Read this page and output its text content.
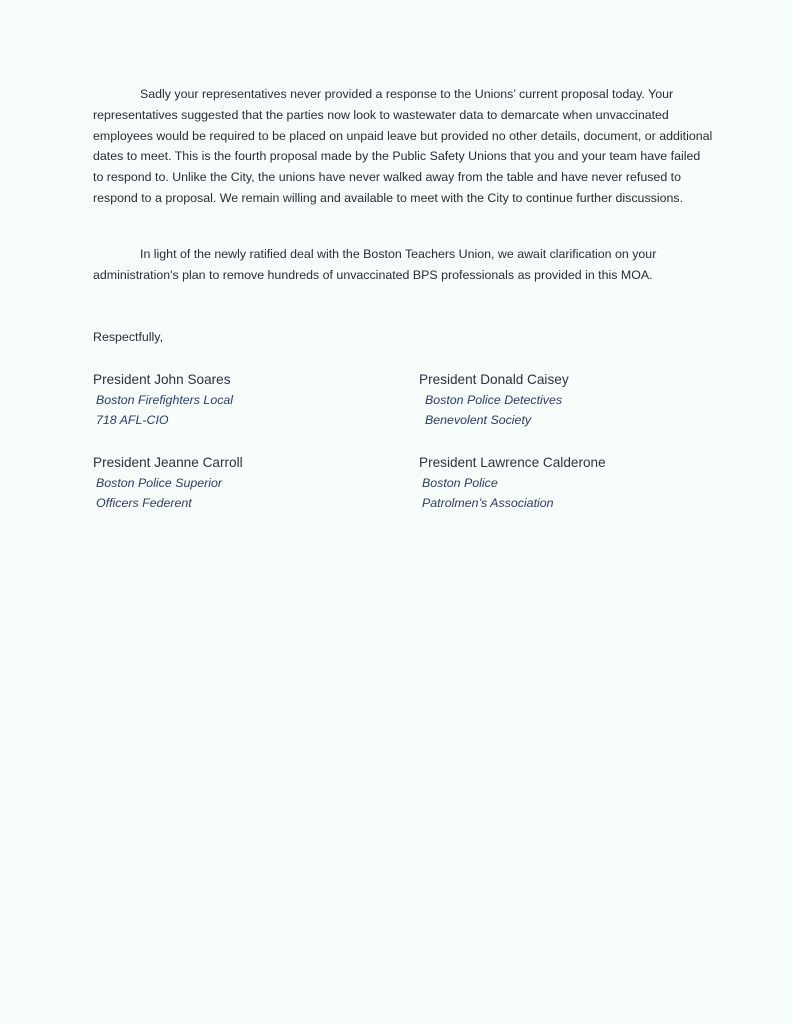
Sadly your representatives never provided a response to the Unions’ current proposal today. Your representatives suggested that the parties now look to wastewater data to demarcate when unvaccinated employees would be required to be placed on unpaid leave but provided no other details, document, or additional dates to meet. This is the fourth proposal made by the Public Safety Unions that you and your team have failed to respond to. Unlike the City, the unions have never walked away from the table and have never refused to respond to a proposal. We remain willing and available to meet with the City to continue further discussions.

In light of the newly ratified deal with the Boston Teachers Union, we await clarification on your administration's plan to remove hundreds of unvaccinated BPS professionals as provided in this MOA.

Respectfully,
President John Soares
Boston Firefighters Local
718 AFL-CIO
President Donald Caisey
Boston Police Detectives
Benevolent Society
President Jeanne Carroll
Boston Police Superior
Officers Federent
President Lawrence Calderone
Boston Police
Patrolmen’s Association
